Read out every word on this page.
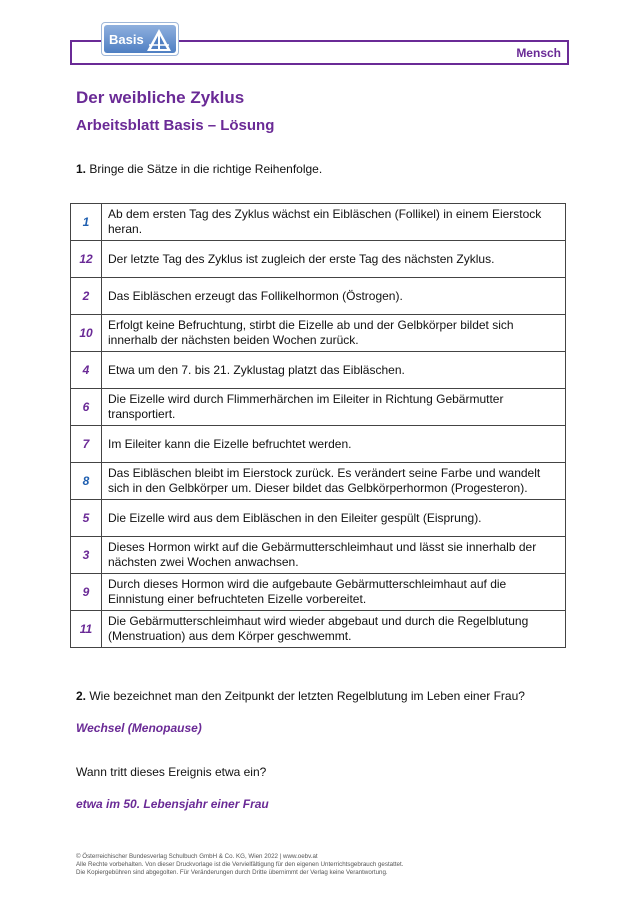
Mensch
Basis
Der weibliche Zyklus
Arbeitsblatt Basis – Lösung
1. Bringe die Sätze in die richtige Reihenfolge.
1	Ab dem ersten Tag des Zyklus wächst ein Eibläschen (Follikel) in einem Eierstock heran.
12	Der letzte Tag des Zyklus ist zugleich der erste Tag des nächsten Zyklus.
2	Das Eibläschen erzeugt das Follikelhormon (Östrogen).
10	Erfolgt keine Befruchtung, stirbt die Eizelle ab und der Gelbkörper bildet sich innerhalb der nächsten beiden Wochen zurück.
4	Etwa um den 7. bis 21. Zyklustag platzt das Eibläschen.
6	Die Eizelle wird durch Flimmerhärchen im Eileiter in Richtung Gebärmutter transportiert.
7	Im Eileiter kann die Eizelle befruchtet werden.
8	Das Eibläschen bleibt im Eierstock zurück. Es verändert seine Farbe und wandelt sich in den Gelbkörper um. Dieser bildet das Gelbkörperhormon (Progesteron).
5	Die Eizelle wird aus dem Eibläschen in den Eileiter gespült (Eisprung).
3	Dieses Hormon wirkt auf die Gebärmutterschleimhaut und lässt sie innerhalb der nächsten zwei Wochen anwachsen.
9	Durch dieses Hormon wird die aufgebaute Gebärmutterschleimhaut auf die Einnistung einer befruchteten Eizelle vorbereitet.
11	Die Gebärmutterschleimhaut wird wieder abgebaut und durch die Regelblutung (Menstruation) aus dem Körper geschwemmt.
2. Wie bezeichnet man den Zeitpunkt der letzten Regelblutung im Leben einer Frau?
Wechsel (Menopause)
Wann tritt dieses Ereignis etwa ein?
etwa im 50. Lebensjahr einer Frau
© Österreichischer Bundesverlag Schulbuch GmbH & Co. KG, Wien 2022 | www.oebv.at
Alle Rechte vorbehalten. Von dieser Druckvorlage ist die Vervielfältigung für den eigenen Unterrichtsgebrauch gestattet.
Die Kopiergebühren sind abgegolten. Für Veränderungen durch Dritte übernimmt der Verlag keine Verantwortung.
